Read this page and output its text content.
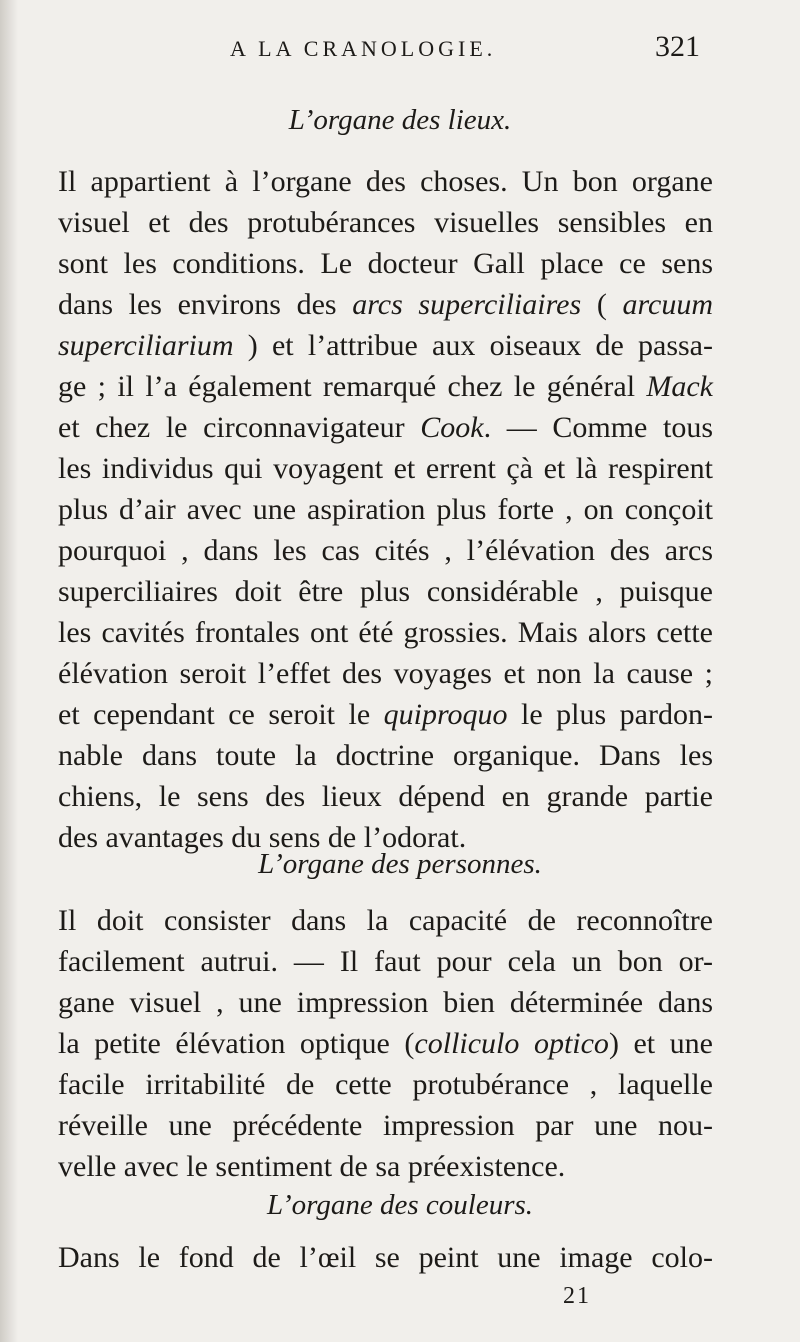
A LA CRANOLOGIE.	321
L’organe des lieux.
Il appartient à l’organe des choses. Un bon organe
visuel et des protubérances visuelles sensibles en
sont les conditions. Le docteur Gall place ce sens
dans les environs des arcs superciliaires ( arcuum
superciliarium ) et l’attribue aux oiseaux de passa-
ge ; il l’a également remarqué chez le général Mack
et chez le circonnavigateur Cook. — Comme tous
les individus qui voyagent et errent çà et là respirent
plus d’air avec une aspiration plus forte , on conçoit
pourquoi , dans les cas cités , l’élévation des arcs
superciliaires doit être plus considérable , puisque
les cavités frontales ont été grossies. Mais alors cette
élévation seroit l’effet des voyages et non la cause ;
et cependant ce seroit le quiproquo le plus pardon-
nable dans toute la doctrine organique. Dans les
chiens, le sens des lieux dépend en grande partie
des avantages du sens de l’odorat.
L’organe des personnes.
Il doit consister dans la capacité de reconnoître
facilement autrui. — Il faut pour cela un bon or-
gane visuel , une impression bien déterminée dans
la petite élévation optique (colliculo optico) et une
facile irritabilité de cette protubérance , laquelle
réveille une précédente impression par une nou-
velle avec le sentiment de sa préexistence.
L’organe des couleurs.
Dans le fond de l’œil se peint une image colo-
21
